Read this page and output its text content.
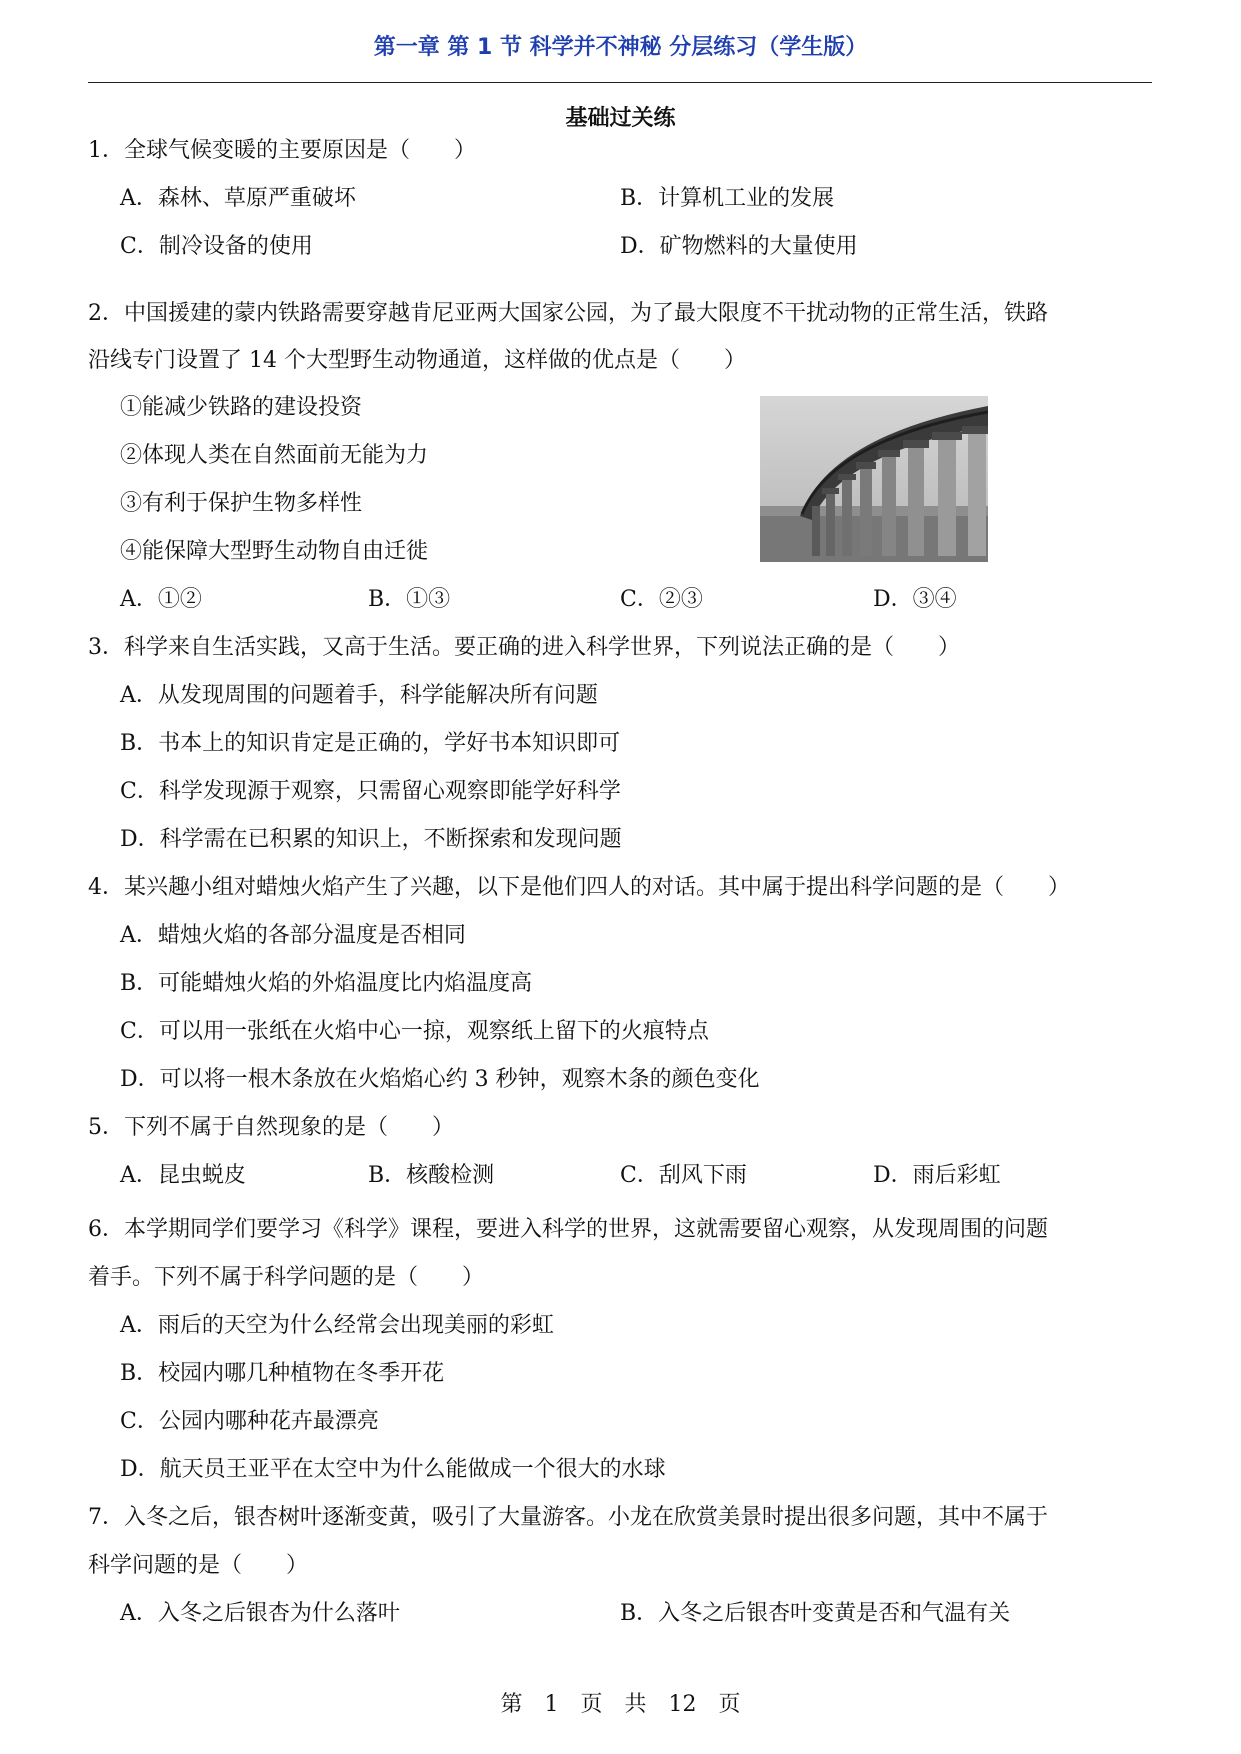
第一章 第 1 节 科学并不神秘 分层练习（学生版）
基础过关练
1．全球气候变暖的主要原因是（　　）
A．森林、草原严重破坏	B．计算机工业的发展
C．制冷设备的使用	D．矿物燃料的大量使用
2．中国援建的蒙内铁路需要穿越肯尼亚两大国家公园，为了最大限度不干扰动物的正常生活，铁路
沿线专门设置了 14 个大型野生动物通道，这样做的优点是（　　）
①能减少铁路的建设投资
②体现人类在自然面前无能为力
③有利于保护生物多样性
④能保障大型野生动物自由迁徙
A．①②	B．①③	C．②③	D．③④
3．科学来自生活实践，又高于生活。要正确的进入科学世界，下列说法正确的是（　　）
A．从发现周围的问题着手，科学能解决所有问题
B．书本上的知识肯定是正确的，学好书本知识即可
C．科学发现源于观察，只需留心观察即能学好科学
D．科学需在已积累的知识上，不断探索和发现问题
4．某兴趣小组对蜡烛火焰产生了兴趣，以下是他们四人的对话。其中属于提出科学问题的是（　　）
A．蜡烛火焰的各部分温度是否相同
B．可能蜡烛火焰的外焰温度比内焰温度高
C．可以用一张纸在火焰中心一掠，观察纸上留下的火痕特点
D．可以将一根木条放在火焰焰心约 3 秒钟，观察木条的颜色变化
5．下列不属于自然现象的是（　　）
A．昆虫蜕皮	B．核酸检测	C．刮风下雨	D．雨后彩虹
6．本学期同学们要学习《科学》课程，要进入科学的世界，这就需要留心观察，从发现周围的问题
着手。下列不属于科学问题的是（　　）
A．雨后的天空为什么经常会出现美丽的彩虹
B．校园内哪几种植物在冬季开花
C．公园内哪种花卉最漂亮
D．航天员王亚平在太空中为什么能做成一个很大的水球
7．入冬之后，银杏树叶逐渐变黄，吸引了大量游客。小龙在欣赏美景时提出很多问题，其中不属于
科学问题的是（　　）
A．入冬之后银杏为什么落叶	B．入冬之后银杏叶变黄是否和气温有关
第　1　页　共　12　页
